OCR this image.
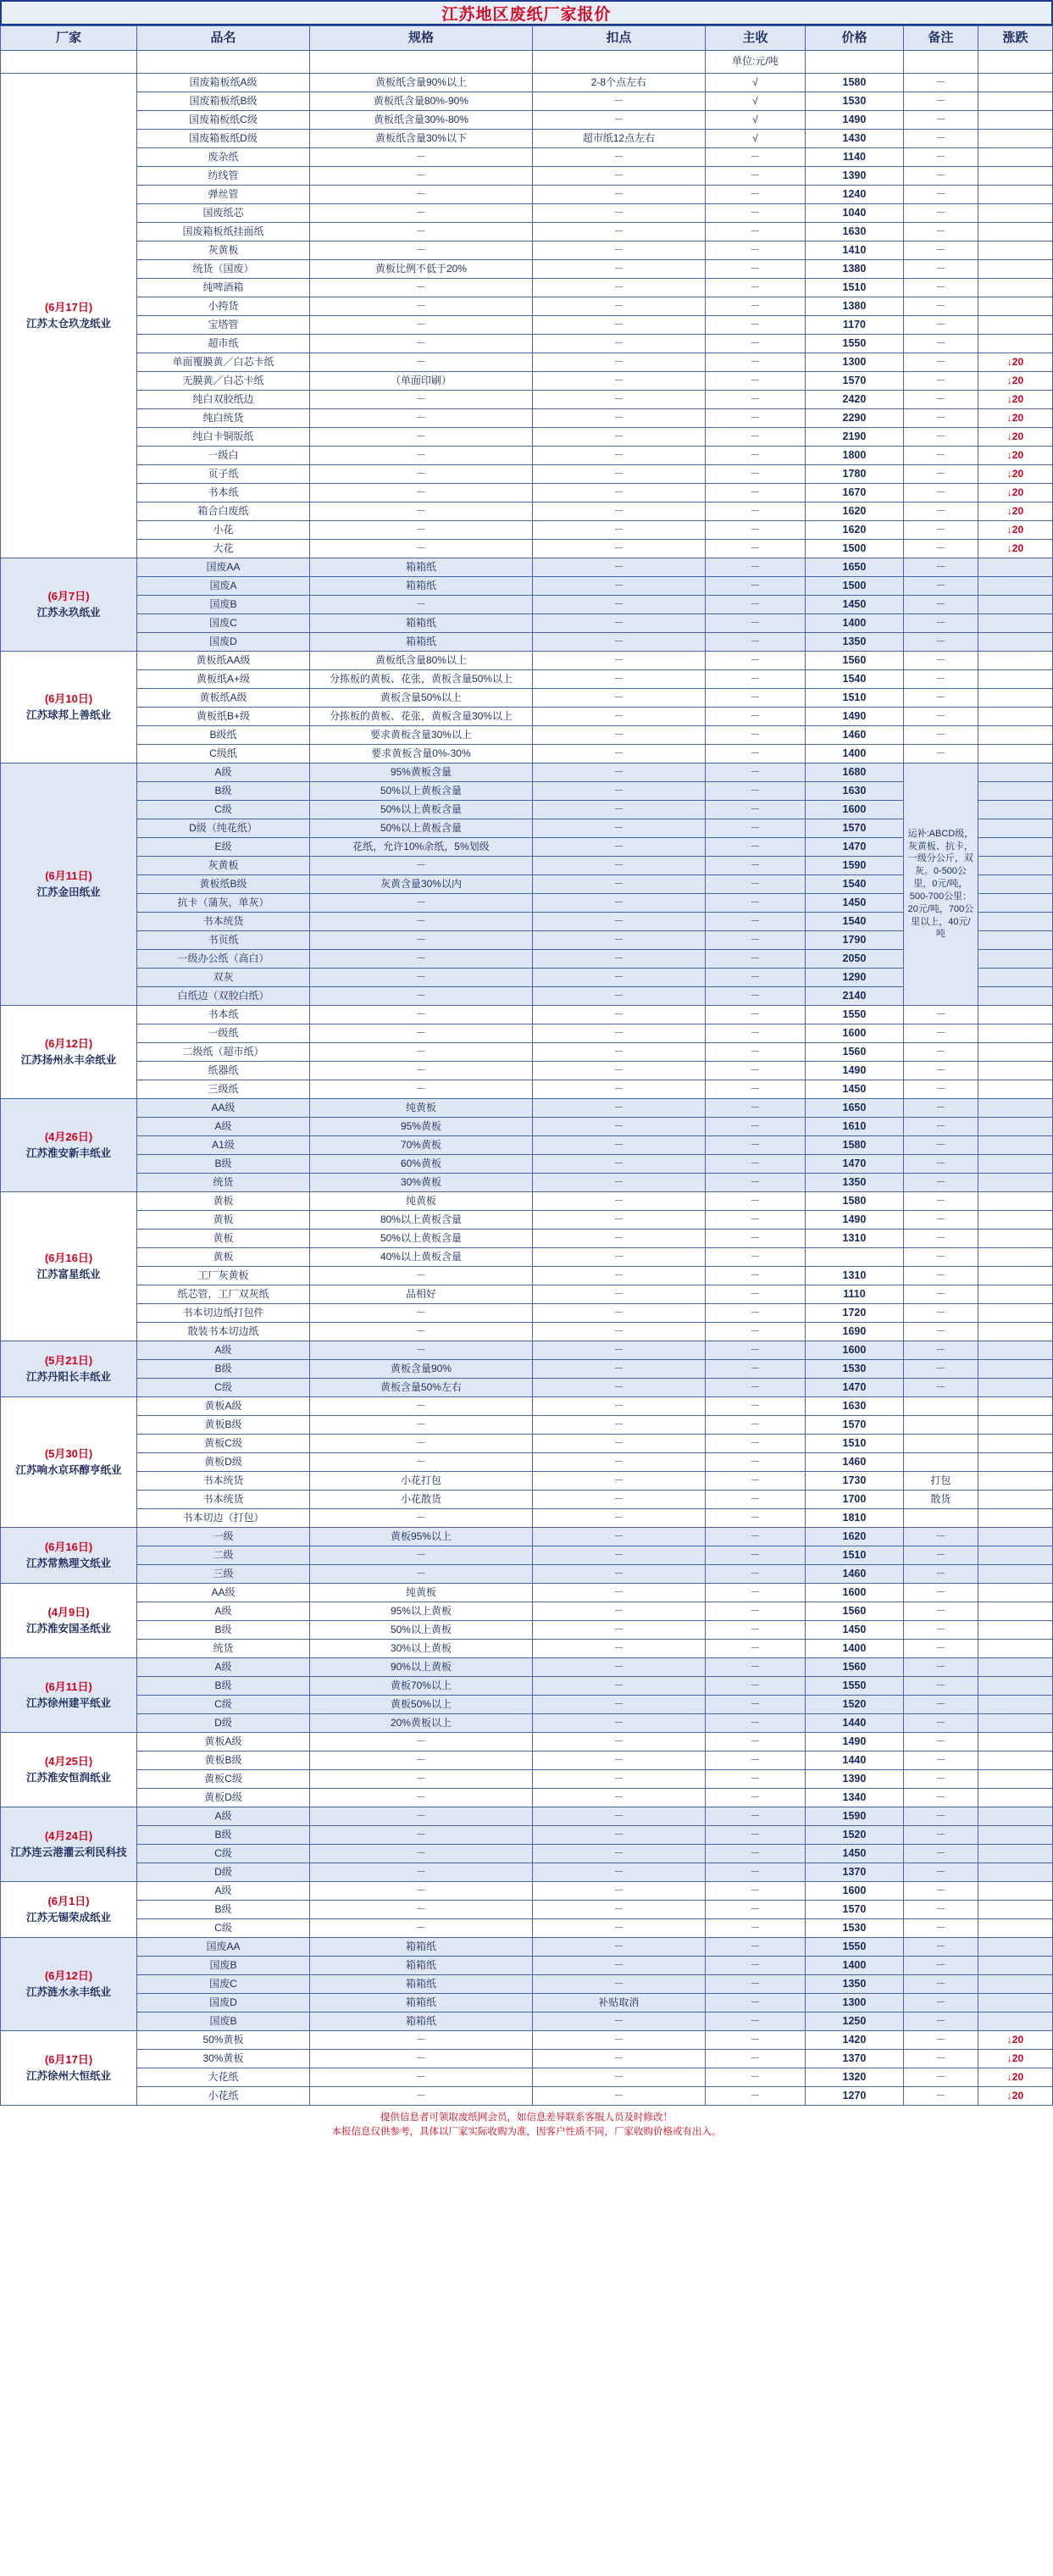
江苏地区废纸厂家报价
厂家	品名	规格	扣点	主收	价格	备注	涨跌
				单位:元/吨			

(6月17日)
江苏太仓玖龙纸业	国废箱板纸A级	黄板纸含量90%以上	2-8个点左右	√	1580	－	
	国废箱板纸B级	黄板纸含量80%-90%	－	√	1530	－	
	国废箱板纸C级	黄板纸含量30%-80%	－	√	1490	－	
	国废箱板纸D级	黄板纸含量30%以下	超市纸12点左右	√	1430	－	
	废杂纸	－	－	－	1140	－	
	纺线管	－	－	－	1390	－	
	弹丝管	－	－	－	1240	－	
	国废纸芯	－	－	－	1040	－	
	国废箱板纸挂面纸	－	－	－	1630	－	
	灰黄板	－	－	－	1410	－	
	统货（国废）	黄板比例不低于20%	－	－	1380	－	
	纯啤酒箱	－	－	－	1510	－	
	小挎货	－	－	－	1380	－	
	宝塔管	－	－	－	1170	－	
	超市纸	－	－	－	1550	－	
	单面覆膜黄／白芯卡纸	－	－	－	1300	－	↓20
	无膜黄／白芯卡纸	（单面印刷）	－	－	1570	－	↓20
	纯白双胶纸边	－	－	－	2420	－	↓20
	纯白统货	－	－	－	2290	－	↓20
	纯白卡铜版纸	－	－	－	2190	－	↓20
	一级白	－	－	－	1800	－	↓20
	页子纸	－	－	－	1780	－	↓20
	书本纸	－	－	－	1670	－	↓20
	箱合白废纸	－	－	－	1620	－	↓20
	小花	－	－	－	1620	－	↓20
	大花	－	－	－	1500	－	↓20

(6月7日)
江苏永玖纸业	国废AA	箱箱纸	－	－	1650	－	
	国废A	箱箱纸	－	－	1500	－	
	国废B	－	－	－	1450	－	
	国废C	箱箱纸	－	－	1400	－	
	国废D	箱箱纸	－	－	1350	－	

(6月10日)
江苏球邦上善纸业	黄板纸AA级	黄板纸含量80%以上	－	－	1560	－	
	黄板纸A+级	分拣板的黄板、花张，黄板含量50%以上	－	－	1540	－	
	黄板纸A级	黄板含量50%以上	－	－	1510	－	
	黄板纸B+级	分拣板的黄板、花张，黄板含量30%以上	－	－	1490	－	
	B级纸	要求黄板含量30%以上	－	－	1460	－	
	C级纸	要求黄板含量0%-30%	－	－	1400	－	

(6月11日)
江苏金田纸业	A级	95%黄板含量	－	－	1680	运补:ABCD级，灰黄板、抗卡，一级分公斤，双灰。0-500公里，0元/吨，500-700公里：20元/吨，700公里以上，40元/吨	
	B级	50%以上黄板含量	－	－	1630		
	C级	50%以上黄板含量	－	－	1600		
	D级（纯花纸）	50%以上黄板含量	－	－	1570		
	E级	花纸，允许10%余纸，5%划级	－	－	1470		
	灰黄板	－	－	－	1590		
	黄板纸B级	灰黄含量30%以内	－	－	1540		
	抗卡（蒲灰，单灰）	－	－	－	1450		
	书本统货	－	－	－	1540		
	书页纸	－	－	－	1790		
	一级办公纸（高白）	－	－	－	2050		
	双灰	－	－	－	1290		
	白纸边（双胶白纸）	－	－	－	2140		

(6月12日)
江苏扬州永丰余纸业	书本纸	－	－	－	1550	－	
	一级纸	－	－	－	1600	－	
	二级纸（超市纸）	－	－	－	1560	－	
	纸器纸	－	－	－	1490	－	
	三级纸	－	－	－	1450	－	

(4月26日)
江苏淮安新丰纸业	AA级	纯黄板	－	－	1650	－	
	A级	95%黄板	－	－	1610	－	
	A1级	70%黄板	－	－	1580	－	
	B级	60%黄板	－	－	1470	－	
	统货	30%黄板	－	－	1350	－	

(6月16日)
江苏富星纸业	黄板	纯黄板	－	－	1580	－	
	黄板	80%以上黄板含量	－	－	1490	－	
	黄板	50%以上黄板含量	－	－	1310	－	
	黄板	40%以上黄板含量	－	－		－	
	工厂灰黄板	－	－	－	1310	－	
	纸芯管，工厂双灰纸	品相好	－	－	1110	－	
	书本切边纸打包件	－	－	－	1720	－	
	散装书本切边纸	－	－	－	1690	－	

(5月21日)
江苏丹阳长丰纸业	A级	－	－	－	1600	－	
	B级	黄板含量90%	－	－	1530	－	
	C级	黄板含量50%左右	－	－	1470	－	

(5月30日)
江苏响水京环醇亨纸业	黄板A级	－	－	－	1630		
	黄板B级	－	－	－	1570		
	黄板C级	－	－	－	1510		
	黄板D级	－	－	－	1460		
	书本统货	小花打包	－	－	1730	打包	
	书本统货	小花散货	－	－	1700	散货	
	书本切边（打包）	－	－	－	1810		

(6月16日)
江苏常熟理文纸业	一级	黄板95%以上	－	－	1620	－	
	二级	－	－	－	1510	－	
	三级	－	－	－	1460	－	

(4月9日)
江苏淮安国圣纸业	AA级	纯黄板	－	－	1600	－	
	A级	95%以上黄板	－	－	1560	－	
	B级	50%以上黄板	－	－	1450	－	
	统货	30%以上黄板	－	－	1400	－	

(6月11日)
江苏徐州建平纸业	A级	90%以上黄板	－	－	1560	－	
	B级	黄板70%以上	－	－	1550	－	
	C级	黄板50%以上	－	－	1520	－	
	D级	20%黄板以上	－	－	1440	－	

(4月25日)
江苏淮安恒润纸业	黄板A级	－	－	－	1490	－	
	黄板B级	－	－	－	1440	－	
	黄板C级	－	－	－	1390	－	
	黄板D级	－	－	－	1340	－	

(4月24日)
江苏连云港灌云利民科技	A级	－	－	－	1590	－	
	B级	－	－	－	1520	－	
	C级	－	－	－	1450	－	
	D级	－	－	－	1370	－	

(6月1日)
江苏无锡荣成纸业	A级	－	－	－	1600	－	
	B级	－	－	－	1570	－	
	C级	－	－	－	1530	－	

(6月12日)
江苏涟水永丰纸业	国废AA	箱箱纸	－	－	1550	－	
	国废B	箱箱纸	－	－	1400	－	
	国废C	箱箱纸	－	－	1350	－	
	国废D	箱箱纸	补贴取消	－	1300	－	
	国废B	箱箱纸	－	－	1250	－	

(6月17日)
江苏徐州大恒纸业	50%黄板	－	－	－	1420	－	↓20
	30%黄板	－	－	－	1370	－	↓20
	大花纸	－	－	－	1320	－	↓20
	小花纸	－	－	－	1270	－	↓20
提供信息者可领取废纸网会员，如信息差异联系客服人员及时修改！
本报信息仅供参考，具体以厂家实际收购为准，因客户性质不同，厂家收购价格或有出入。
